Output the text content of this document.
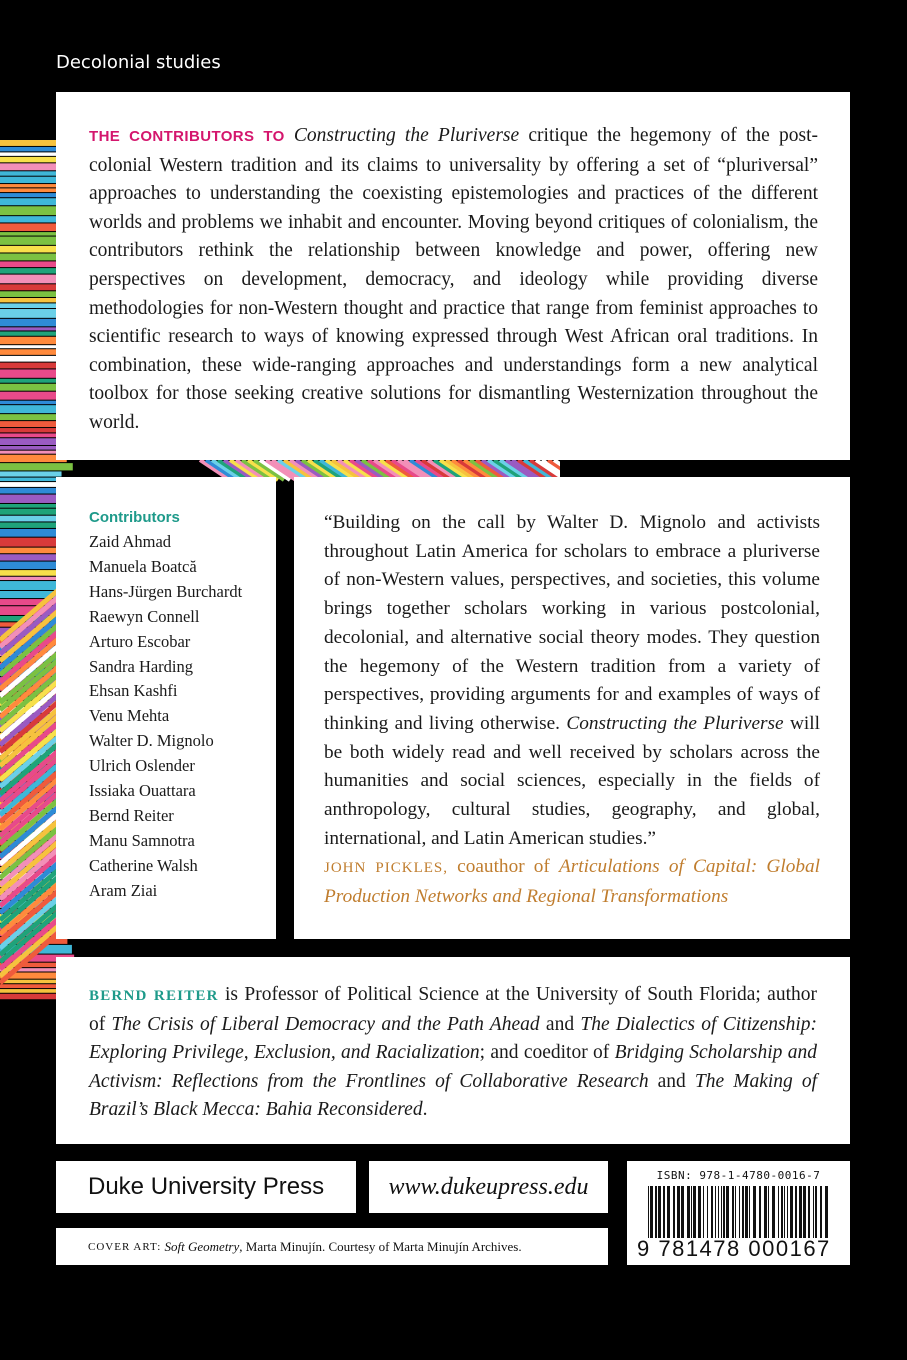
Decolonial studies
THE CONTRIBUTORS TO Constructing the Pluriverse critique the hegemony of the post-colonial Western tradition and its claims to universality by offering a set of “pluriversal” approaches to understanding the coexisting epistemologies and practices of the different worlds and problems we inhabit and encounter. Moving beyond critiques of colonialism, the contributors rethink the relationship between knowledge and power, offering new perspectives on development, democracy, and ideology while providing diverse methodologies for non-Western thought and practice that range from feminist approaches to scientific research to ways of knowing expressed through West African oral traditions. In combination, these wide-ranging approaches and understandings form a new analytical toolbox for those seeking creative solutions for dismantling Westernization throughout the world.
Contributors
Zaid Ahmad
Manuela Boatcă
Hans-Jürgen Burchardt
Raewyn Connell
Arturo Escobar
Sandra Harding
Ehsan Kashfi
Venu Mehta
Walter D. Mignolo
Ulrich Oslender
Issiaka Ouattara
Bernd Reiter
Manu Samnotra
Catherine Walsh
Aram Ziai
“Building on the call by Walter D. Mignolo and activists throughout Latin America for scholars to embrace a pluriverse of non-Western values, perspectives, and societies, this volume brings together scholars working in various postcolonial, decolonial, and alternative social theory modes. They question the hegemony of the Western tradition from a variety of perspectives, providing arguments for and examples of ways of thinking and living otherwise. Constructing the Pluriverse will be both widely read and well received by scholars across the humanities and social sciences, especially in the fields of anthropology, cultural studies, geography, and global, international, and Latin American studies.”
JOHN PICKLES, coauthor of Articulations of Capital: Global Production Networks and Regional Transformations
BERND REITER is Professor of Political Science at the University of South Florida; author of The Crisis of Liberal Democracy and the Path Ahead and The Dialectics of Citizenship: Exploring Privilege, Exclusion, and Racialization; and coeditor of Bridging Scholarship and Activism: Reflections from the Frontlines of Collaborative Research and The Making of Brazil’s Black Mecca: Bahia Reconsidered.
Duke University Press	www.dukeupress.edu
COVER ART:
Soft Geometry , Marta Minujín. Courtesy of Marta Minujín Archives.
ISBN: 978-1-4780-0016-7
9 781478 000167
